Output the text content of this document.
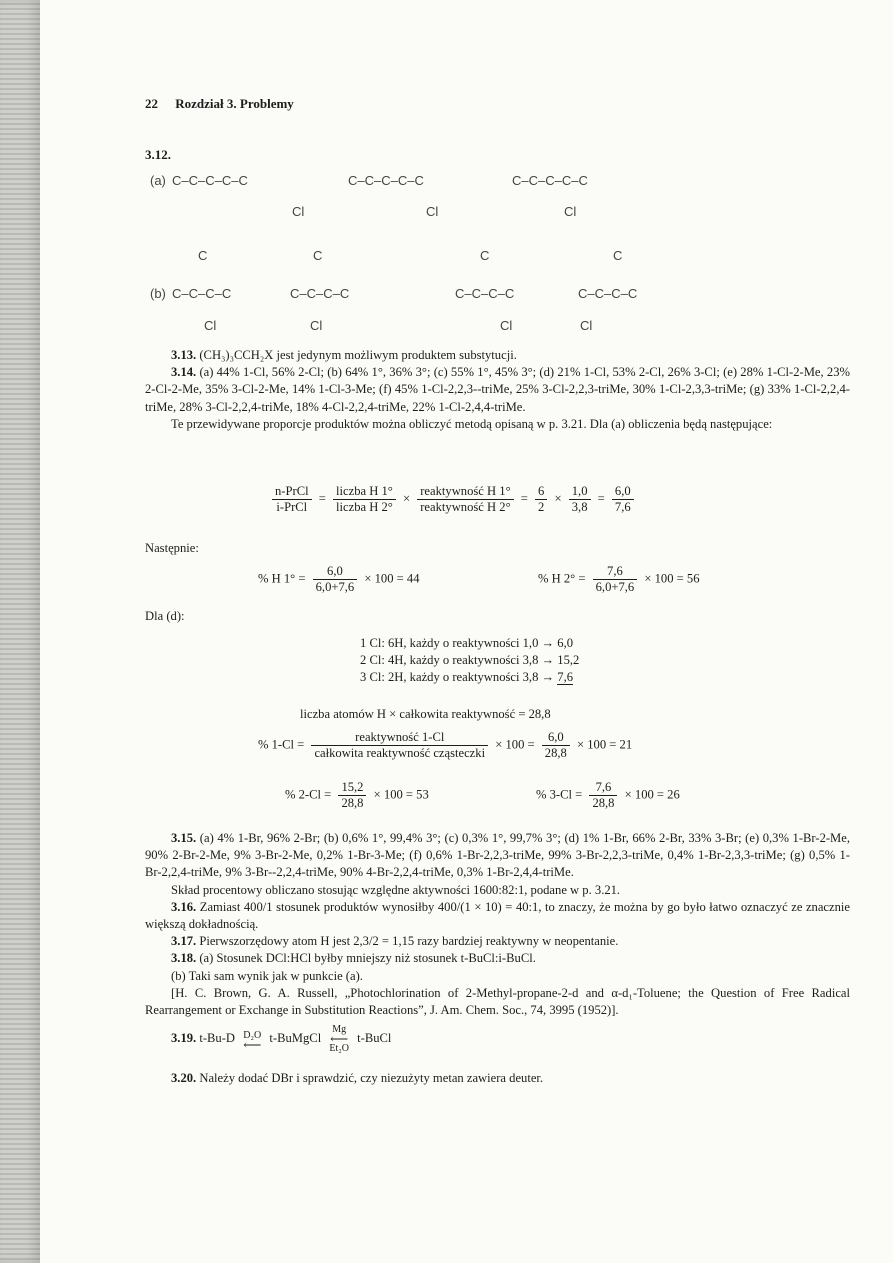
22 Rozdział 3. Problemy
3.12.
(a) C–C–C–C–C
Cl
C–C–C–C–C
Cl
C–C–C–C–C
Cl
C
(b) C–C–C–C
Cl
C
C–C–C–C
Cl
C
C–C–C–C
Cl
C
C–C–C–C
Cl

3.13. (CH₃)₃CCH₂X jest jedynym możliwym produktem substytucji.

3.14. (a) 44% 1-Cl, 56% 2-Cl; (b) 64% 1°, 36% 3°; (c) 55% 1°, 45% 3°; (d) 21% 1-Cl, 53% 2-Cl, 26% 3-Cl; (e) 28% 1-Cl-2-Me, 23% 2-Cl-2-Me, 35% 3-Cl-2-Me, 14% 1-Cl-3-Me; (f) 45% 1-Cl-2,2,3--triMe, 25% 3-Cl-2,2,3-triMe, 30% 1-Cl-2,3,3-triMe; (g) 33% 1-Cl-2,2,4-triMe, 28% 3-Cl-2,2,4-triMe, 18% 4-Cl-2,2,4-triMe, 22% 1-Cl-2,4,4-triMe.

Te przewidywane proporcje produktów można obliczyć metodą opisaną w p. 3.21. Dla (a) obliczenia będą następujące:

$\frac{\text{n-PrCl}}{\text{i-PrCl}} = \frac{\text{liczba H 1°}}{\text{liczba H 2°}} \times \frac{\text{reaktywność H 1°}}{\text{reaktywność H 2°}} = \frac{6}{2} \times \frac{1,0}{3,8} = \frac{6,0}{7,6}$
Następnie:
% H $1^\circ = \frac{6,0}{6,0+7,6} \times 100 = 44$	% H $2^\circ = \frac{7,6}{6,0+7,6} \times 100 = 56$
Dla (d):
1 Cl: 6H, każdy o reaktywności 1,0 → 6,0
2 Cl: 4H, każdy o reaktywności 3,8 → 15,2
3 Cl: 2H, każdy o reaktywności 3,8 → 7,6
liczba atomów H × całkowita reaktywność = 28,8
% $1-Cl = \frac{\text{reaktywność 1-Cl}}{\text{całkowita reaktywność cząsteczki}} \times 100 = \frac{6,0}{28,8} \times 100 = 21$
% $2-Cl = \frac{15,2}{28,8} \times 100 = 53$	% $3-Cl = \frac{7,6}{28,8} \times 100 = 26$

3.15. (a) 4% 1-Br, 96% 2-Br; (b) 0,6% 1°, 99,4% 3°; (c) 0,3% 1°, 99,7% 3°; (d) 1% 1-Br, 66% 2-Br, 33% 3-Br; (e) 0,3% 1-Br-2-Me, 90% 2-Br-2-Me, 9% 3-Br-2-Me, 0,2% 1-Br-3-Me; (f) 0,6% 1-Br-2,2,3-triMe, 99% 3-Br-2,2,3-triMe, 0,4% 1-Br-2,3,3-triMe; (g) 0,5% 1-Br-2,2,4-triMe, 9% 3-Br--2,2,4-triMe, 90% 4-Br-2,2,4-triMe, 0,3% 1-Br-2,4,4-triMe.

Skład procentowy obliczano stosując względne aktywności 1600:82:1, podane w p. 3.21.

3.16. Zamiast 400/1 stosunek produktów wynosiłby 400/(1 × 10) = 40:1, to znaczy, że można by go było łatwo oznaczyć ze znacznie większą dokładnością.

3.17. Pierwszorzędowy atom H jest 2,3/2 = 1,15 razy bardziej reaktywny w neopentanie.

3.18. (a) Stosunek DCl:HCl byłby mniejszy niż stosunek t-BuCl:i-BuCl.

(b) Taki sam wynik jak w punkcie (a).

[H. C. Brown, G. A. Russell, „Photochlorination of 2-Methyl-propane-2-d and α-d₁-Toluene; the Question of Free Radical Rearrangement or Exchange in Substitution Reactions”, J. Am. Chem. Soc., 74, 3995 (1952)].

3.19. t-Bu-D D₂O
⟵ t-BuMgCl
Mg
⟵
Et₂O
t-BuCl

3.20. Należy dodać DBr i sprawdzić, czy niezużyty metan zawiera deuter.
